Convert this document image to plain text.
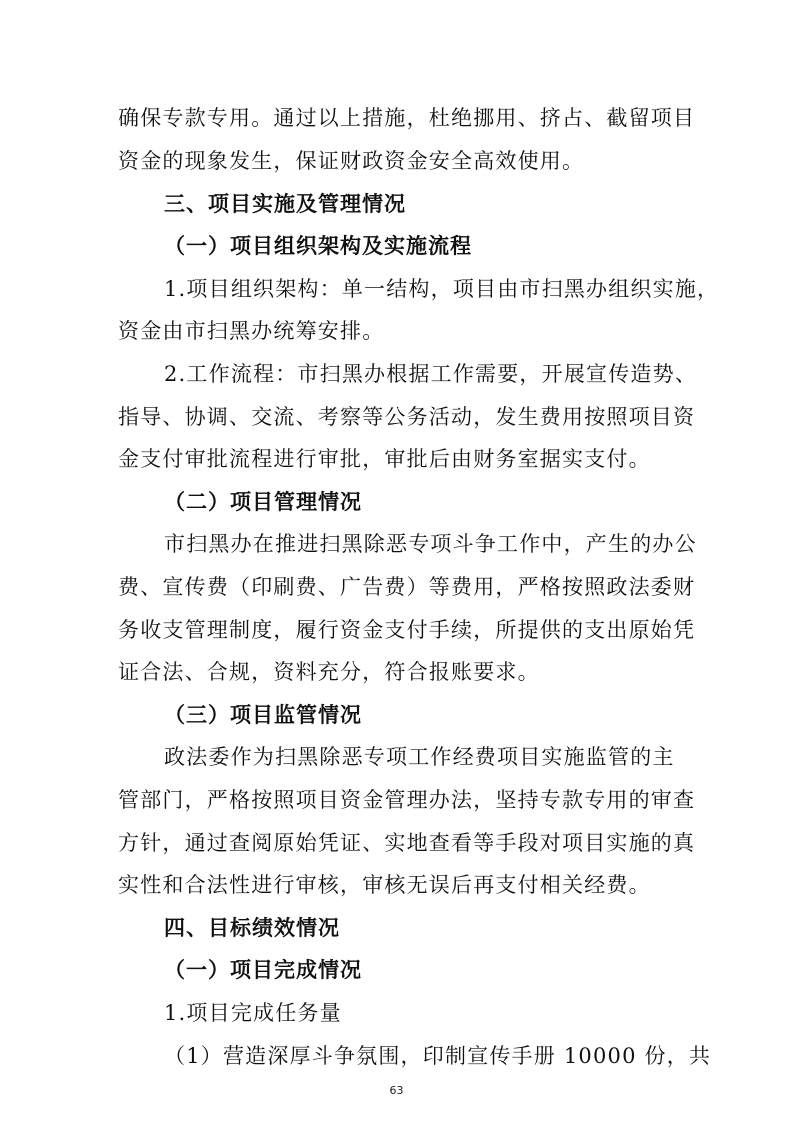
确保专款专用。通过以上措施，杜绝挪用、挤占、截留项目
资金的现象发生，保证财政资金安全高效使用。
三、项目实施及管理情况
（一）项目组织架构及实施流程
1.项目组织架构：单一结构，项目由市扫黑办组织实施，
资金由市扫黑办统筹安排。
2.工作流程：市扫黑办根据工作需要，开展宣传造势、
指导、协调、交流、考察等公务活动，发生费用按照项目资
金支付审批流程进行审批，审批后由财务室据实支付。
（二）项目管理情况
市扫黑办在推进扫黑除恶专项斗争工作中，产生的办公
费、宣传费（印刷费、广告费）等费用，严格按照政法委财
务收支管理制度，履行资金支付手续，所提供的支出原始凭
证合法、合规，资料充分，符合报账要求。
（三）项目监管情况
政法委作为扫黑除恶专项工作经费项目实施监管的主
管部门，严格按照项目资金管理办法，坚持专款专用的审查
方针，通过查阅原始凭证、实地查看等手段对项目实施的真
实性和合法性进行审核，审核无误后再支付相关经费。
四、目标绩效情况
（一）项目完成情况
1.项目完成任务量
（1）营造深厚斗争氛围，印制宣传手册 10000 份，共
63
